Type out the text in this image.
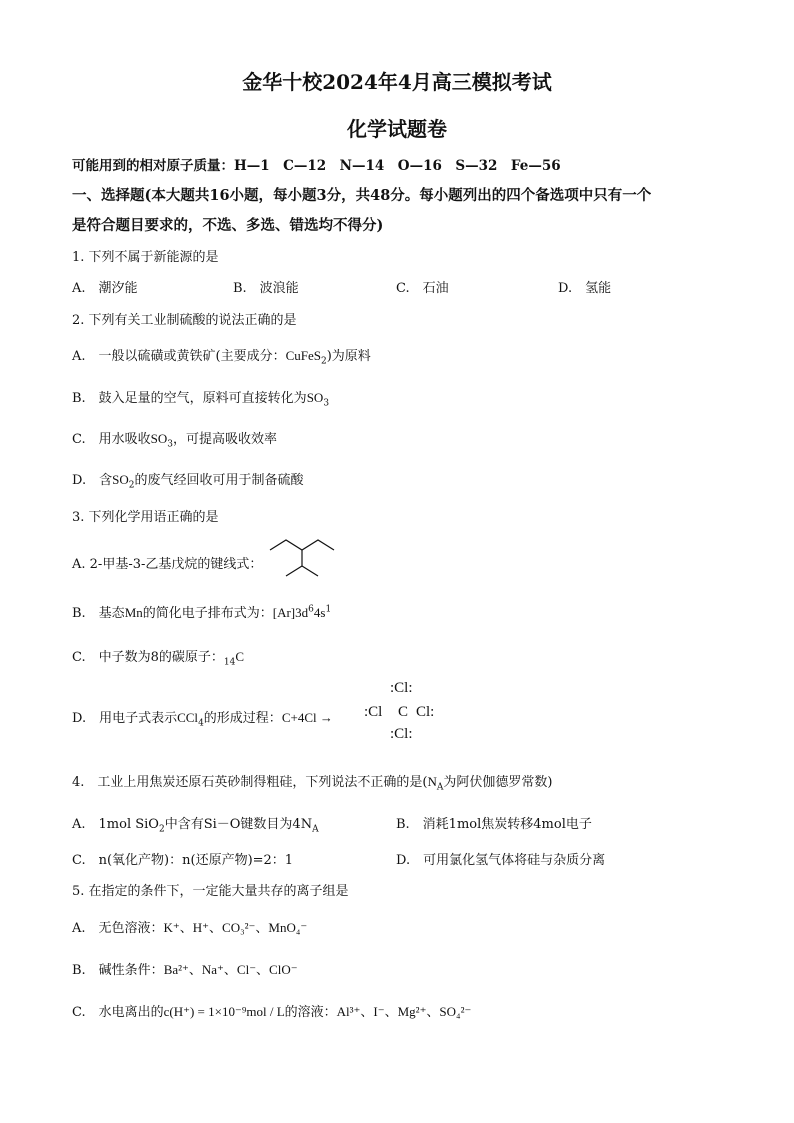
金华十校2024年4月高三模拟考试
化学试题卷
可能用到的相对原子质量：H—1　C—12　N—14　O—16　S—32　Fe—56
一、选择题(本大题共16小题，每小题3分，共48分。每小题列出的四个备选项中只有一个
是符合题目要求的，不选、多选、错选均不得分)
1. 下列不属于新能源的是
A.　潮汐能	B.　波浪能	C.　石油	D.　氢能
2. 下列有关工业制硫酸的说法正确的是
A.　一般以硫磺或黄铁矿(主要成分：CuFeS$_2$)为原料
B.　鼓入足量的空气，原料可直接转化为$SO_3$
C.　用水吸收$SO_3$，可提高吸收效率
D.　含$SO_2$的废气经回收可用于制备硫酸
3. 下列化学用语正确的是
A. 2-甲基-3-乙基戊烷的键线式：
B.　基态Mn的简化电子排布式为：$[Ar]3d^64s^1$
C.　中子数为8的碳原子：$_{14}$C
D.　用电子式表示CCl$_4$的形成过程：C+4Cl →
:Cl:
:Cl C Cl:
:Cl:
4.　工业上用焦炭还原石英砂制得粗硅，下列说法不正确的是($N_A$为阿伏伽德罗常数)
A.　1mol SiO$_2$中含有Si－O键数目为$4N_A$	B.　消耗1mol焦炭转移4mol电子
C.　n(氧化产物)：n(还原产物)=2：1	D.　可用氯化氢气体将硅与杂质分离
5. 在指定的条件下，一定能大量共存的离子组是
A.　无色溶液：K⁺、H⁺、CO₃²⁻、MnO₄⁻
B.　碱性条件：Ba²⁺、Na⁺、Cl⁻、ClO⁻
C.　水电离出的c(H⁺) = 1×10⁻⁹mol / L的溶液：Al³⁺、I⁻、Mg²⁺、SO₄²⁻
